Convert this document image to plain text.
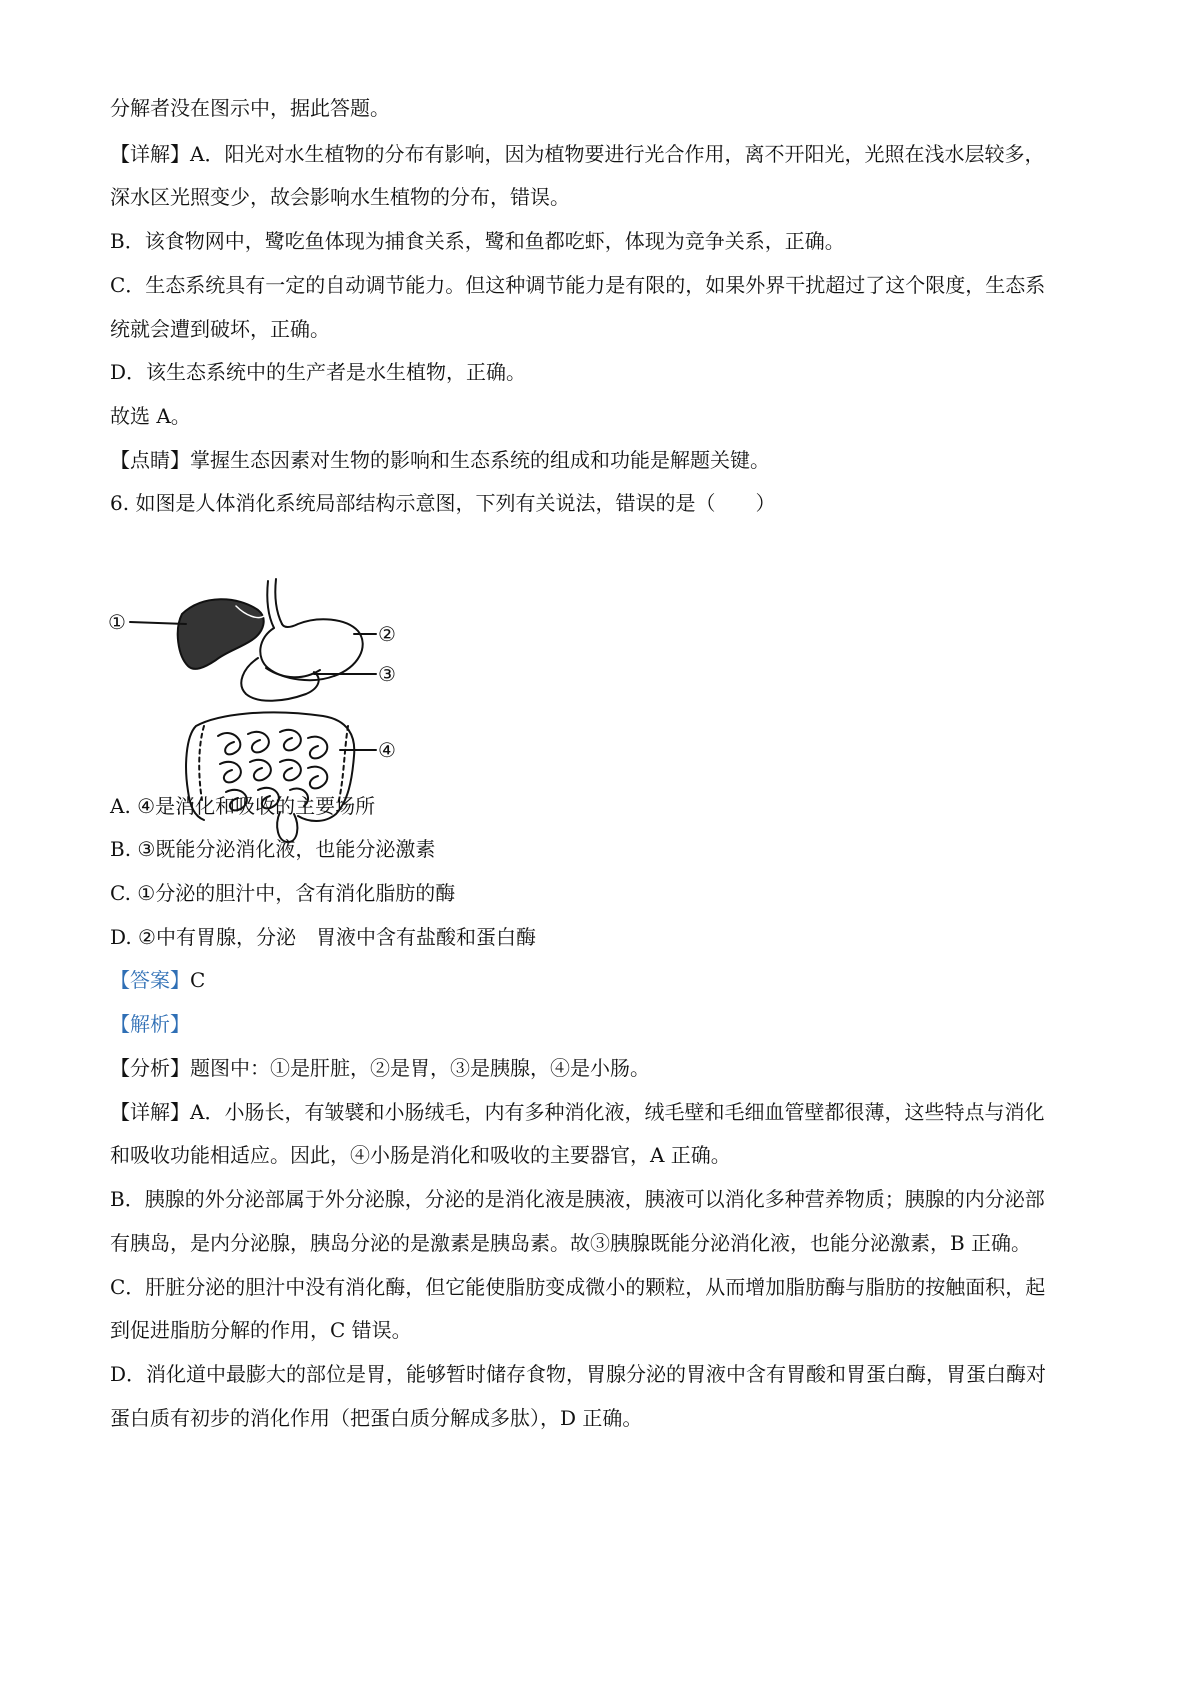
分解者没在图示中，据此答题。
【详解】A．阳光对水生植物的分布有影响，因为植物要进行光合作用，离不开阳光，光照在浅水层较多，
深水区光照变少，故会影响水生植物的分布，错误。
B．该食物网中，鹭吃鱼体现为捕食关系，鹭和鱼都吃虾，体现为竞争关系，正确。
C．生态系统具有一定的自动调节能力。但这种调节能力是有限的，如果外界干扰超过了这个限度，生态系
统就会遭到破坏，正确。
D．该生态系统中的生产者是水生植物，正确。
故选 A。
【点睛】掌握生态因素对生物的影响和生态系统的组成和功能是解题关键。
6. 如图是人体消化系统局部结构示意图，下列有关说法，错误的是（　　）
①	②
③
④
A. ④是消化和吸收的主要场所
B. ③既能分泌消化液，也能分泌激素
C. ①分泌的胆汁中，含有消化脂肪的酶
D. ②中有胃腺，分泌　胃液中含有盐酸和蛋白酶
【答案】C
【解析】
【分析】题图中：①是肝脏，②是胃，③是胰腺，④是小肠。
【详解】A．小肠长，有皱襞和小肠绒毛，内有多种消化液，绒毛壁和毛细血管壁都很薄，这些特点与消化
和吸收功能相适应。因此，④小肠是消化和吸收的主要器官，A 正确。
B．胰腺的外分泌部属于外分泌腺，分泌的是消化液是胰液，胰液可以消化多种营养物质；胰腺的内分泌部
有胰岛，是内分泌腺，胰岛分泌的是激素是胰岛素。故③胰腺既能分泌消化液，也能分泌激素，B 正确。
C．肝脏分泌的胆汁中没有消化酶，但它能使脂肪变成微小的颗粒，从而增加脂肪酶与脂肪的按触面积，起
到促进脂肪分解的作用，C 错误。
D．消化道中最膨大的部位是胃，能够暂时储存食物，胃腺分泌的胃液中含有胃酸和胃蛋白酶，胃蛋白酶对
蛋白质有初步的消化作用（把蛋白质分解成多肽），D 正确。
